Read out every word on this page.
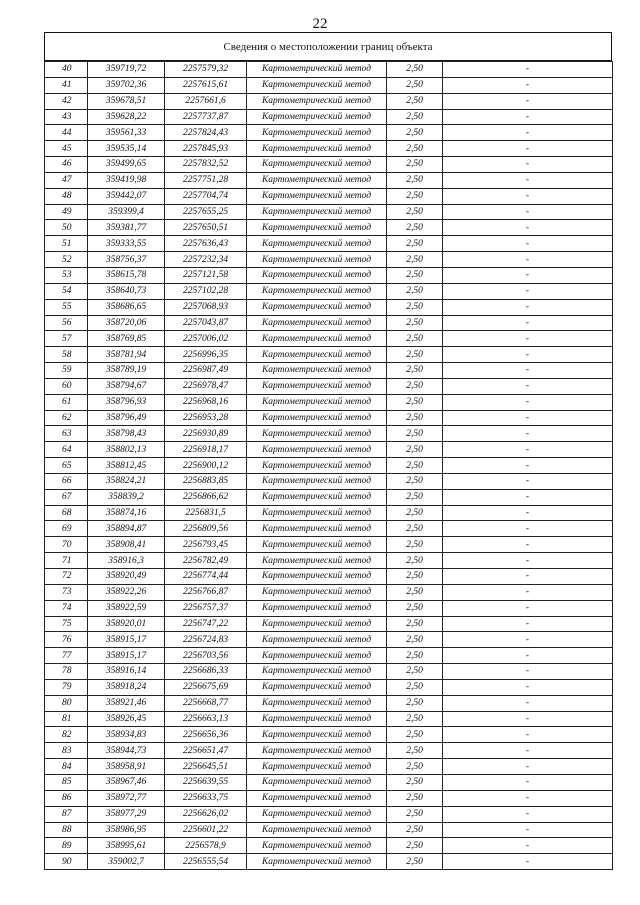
22
Сведения о местоположении границ объекта
40	359719,72	2257579,32	Картометрический метод	2,50	-
41	359702,36	2257615,61	Картометрический метод	2,50	-
42	359678,51	2257661,6	Картометрический метод	2,50	-
43	359628,22	2257737,87	Картометрический метод	2,50	-
44	359561,33	2257824,43	Картометрический метод	2,50	-
45	359535,14	2257845,93	Картометрический метод	2,50	-
46	359499,65	2257832,52	Картометрический метод	2,50	-
47	359419,98	2257751,28	Картометрический метод	2,50	-
48	359442,07	2257704,74	Картометрический метод	2,50	-
49	359399,4	2257655,25	Картометрический метод	2,50	-
50	359381,77	2257650,51	Картометрический метод	2,50	-
51	359333,55	2257636,43	Картометрический метод	2,50	-
52	358756,37	2257232,34	Картометрический метод	2,50	-
53	358615,78	2257121,58	Картометрический метод	2,50	-
54	358640,73	2257102,28	Картометрический метод	2,50	-
55	358686,65	2257068,93	Картометрический метод	2,50	-
56	358720,06	2257043,87	Картометрический метод	2,50	-
57	358769,85	2257006,02	Картометрический метод	2,50	-
58	358781,94	2256996,35	Картометрический метод	2,50	-
59	358789,19	2256987,49	Картометрический метод	2,50	-
60	358794,67	2256978,47	Картометрический метод	2,50	-
61	358796,93	2256968,16	Картометрический метод	2,50	-
62	358796,49	2256953,28	Картометрический метод	2,50	-
63	358798,43	2256930,89	Картометрический метод	2,50	-
64	358802,13	2256918,17	Картометрический метод	2,50	-
65	358812,45	2256900,12	Картометрический метод	2,50	-
66	358824,21	2256883,85	Картометрический метод	2,50	-
67	358839,2	2256866,62	Картометрический метод	2,50	-
68	358874,16	2256831,5	Картометрический метод	2,50	-
69	358894,87	2256809,56	Картометрический метод	2,50	-
70	358908,41	2256793,45	Картометрический метод	2,50	-
71	358916,3	2256782,49	Картометрический метод	2,50	-
72	358920,49	2256774,44	Картометрический метод	2,50	-
73	358922,26	2256766,87	Картометрический метод	2,50	-
74	358922,59	2256757,37	Картометрический метод	2,50	-
75	358920,01	2256747,22	Картометрический метод	2,50	-
76	358915,17	2256724,83	Картометрический метод	2,50	-
77	358915,17	2256703,56	Картометрический метод	2,50	-
78	358916,14	2256686,33	Картометрический метод	2,50	-
79	358918,24	2256675,69	Картометрический метод	2,50	-
80	358921,46	2256668,77	Картометрический метод	2,50	-
81	358926,45	2256663,13	Картометрический метод	2,50	-
82	358934,83	2256656,36	Картометрический метод	2,50	-
83	358944,73	2256651,47	Картометрический метод	2,50	-
84	358958,91	2256645,51	Картометрический метод	2,50	-
85	358967,46	2256639,55	Картометрический метод	2,50	-
86	358972,77	2256633,75	Картометрический метод	2,50	-
87	358977,29	2256626,02	Картометрический метод	2,50	-
88	358986,95	2256601,22	Картометрический метод	2,50	-
89	358995,61	2256578,9	Картометрический метод	2,50	-
90	359002,7	2256555,54	Картометрический метод	2,50	-
